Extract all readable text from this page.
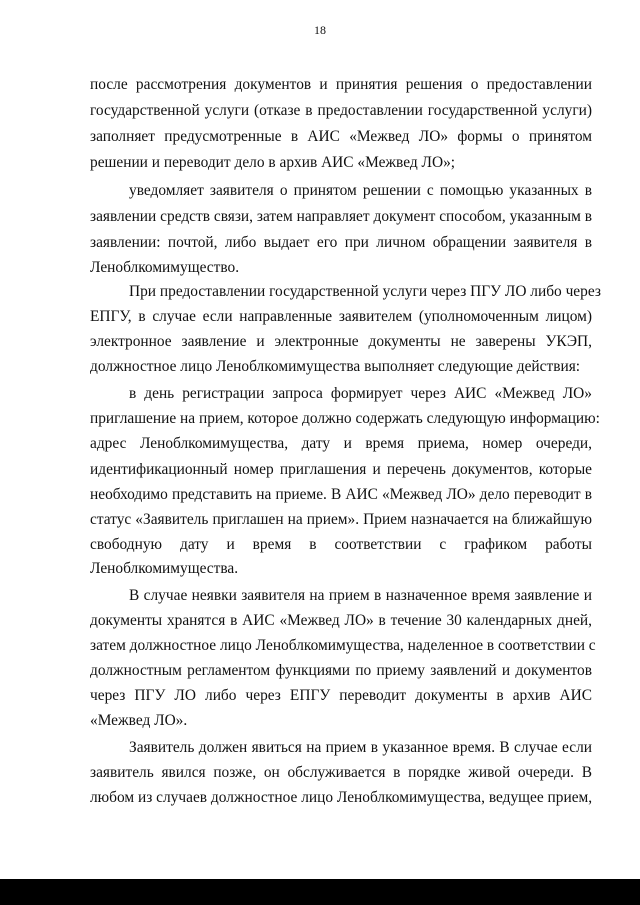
18
после рассмотрения документов и принятия решения о предоставлении
государственной услуги (отказе в предоставлении государственной услуги)
заполняет предусмотренные в АИС «Межвед ЛО» формы о принятом
решении и переводит дело в архив АИС «Межвед ЛО»;
уведомляет заявителя о принятом решении с помощью указанных в
заявлении средств связи, затем направляет документ способом, указанным в
заявлении: почтой, либо выдает его при личном обращении заявителя в
Леноблкомимущество.
При предоставлении государственной услуги через ПГУ ЛО либо через
ЕПГУ, в случае если направленные заявителем (уполномоченным лицом)
электронное заявление и электронные документы не заверены УКЭП,
должностное лицо Леноблкомимущества выполняет следующие действия:
в день регистрации запроса формирует через АИС «Межвед ЛО»
приглашение на прием, которое должно содержать следующую информацию:
адрес Леноблкомимущества, дату и время приема, номер очереди,
идентификационный номер приглашения и перечень документов, которые
необходимо представить на приеме. В АИС «Межвед ЛО» дело переводит в
статус «Заявитель приглашен на прием». Прием назначается на ближайшую
свободную дату и время в соответствии с графиком работы
Леноблкомимущества.
В случае неявки заявителя на прием в назначенное время заявление и
документы хранятся в АИС «Межвед ЛО» в течение 30 календарных дней,
затем должностное лицо Леноблкомимущества, наделенное в соответствии с
должностным регламентом функциями по приему заявлений и документов
через ПГУ ЛО либо через ЕПГУ переводит документы в архив АИС
«Межвед ЛО».
Заявитель должен явиться на прием в указанное время. В случае если
заявитель явился позже, он обслуживается в порядке живой очереди. В
любом из случаев должностное лицо Леноблкомимущества, ведущее прием,
